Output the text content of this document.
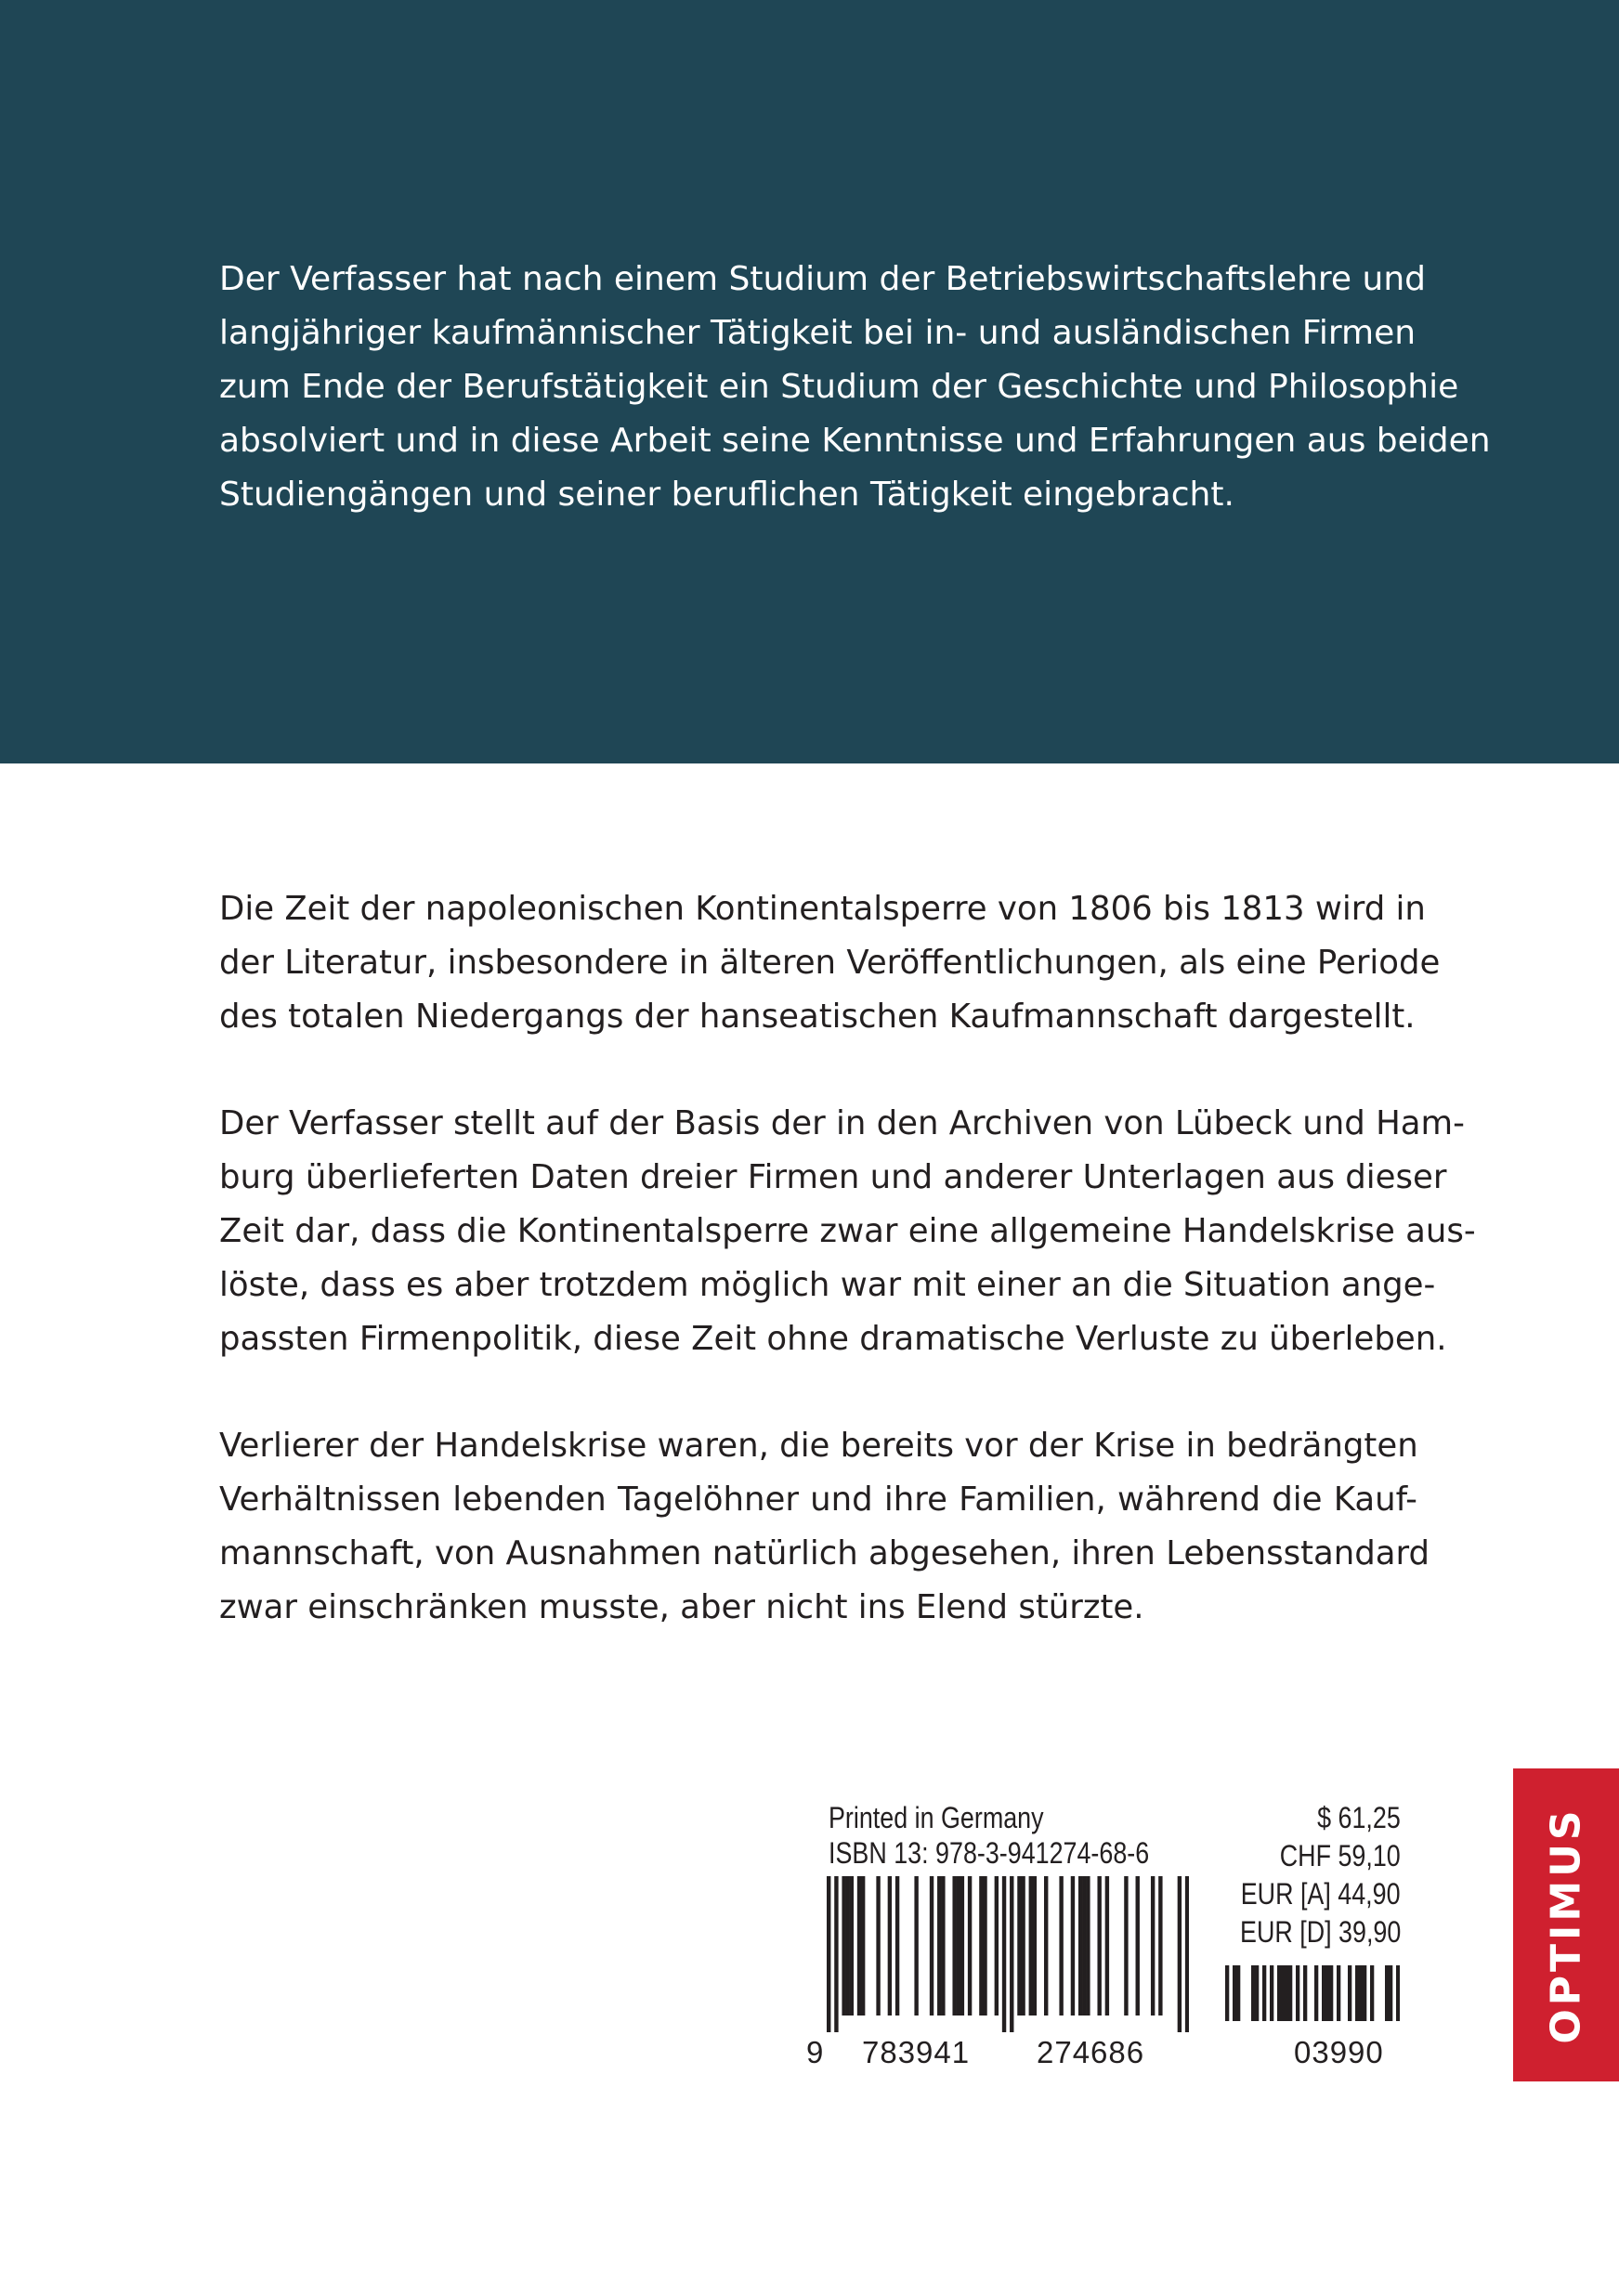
Der Verfasser hat nach einem Studium der Betriebswirtschaftslehre und
langjähriger kaufmännischer Tätigkeit bei in- und ausländischen Firmen
zum Ende der Berufstätigkeit ein Studium der Geschichte und Philosophie
absolviert und in diese Arbeit seine Kenntnisse und Erfahrungen aus beiden
Studiengängen und seiner beruflichen Tätigkeit eingebracht.

Die Zeit der napoleonischen Kontinentalsperre von 1806 bis 1813 wird in
der Literatur, insbesondere in älteren Veröffentlichungen, als eine Periode
des totalen Niedergangs der hanseatischen Kaufmannschaft dargestellt.

Der Verfasser stellt auf der Basis der in den Archiven von Lübeck und Ham-
burg überlieferten Daten dreier Firmen und anderer Unterlagen aus dieser
Zeit dar, dass die Kontinentalsperre zwar eine allgemeine Handelskrise aus-
löste, dass es aber trotzdem möglich war mit einer an die Situation ange-
passten Firmenpolitik, diese Zeit ohne dramatische Verluste zu überleben.

Verlierer der Handelskrise waren, die bereits vor der Krise in bedrängten
Verhältnissen lebenden Tagelöhner und ihre Familien, während die Kauf-
mannschaft, von Ausnahmen natürlich abgesehen, ihren Lebensstandard
zwar einschränken musste, aber nicht ins Elend stürzte.

Printed in Germany
ISBN 13: 978-3-941274-68-6
$ 61,25
CHF 59,10
EUR [A] 44,90
EUR [D] 39,90
9 783941 274686	03990
OPTIMUS
